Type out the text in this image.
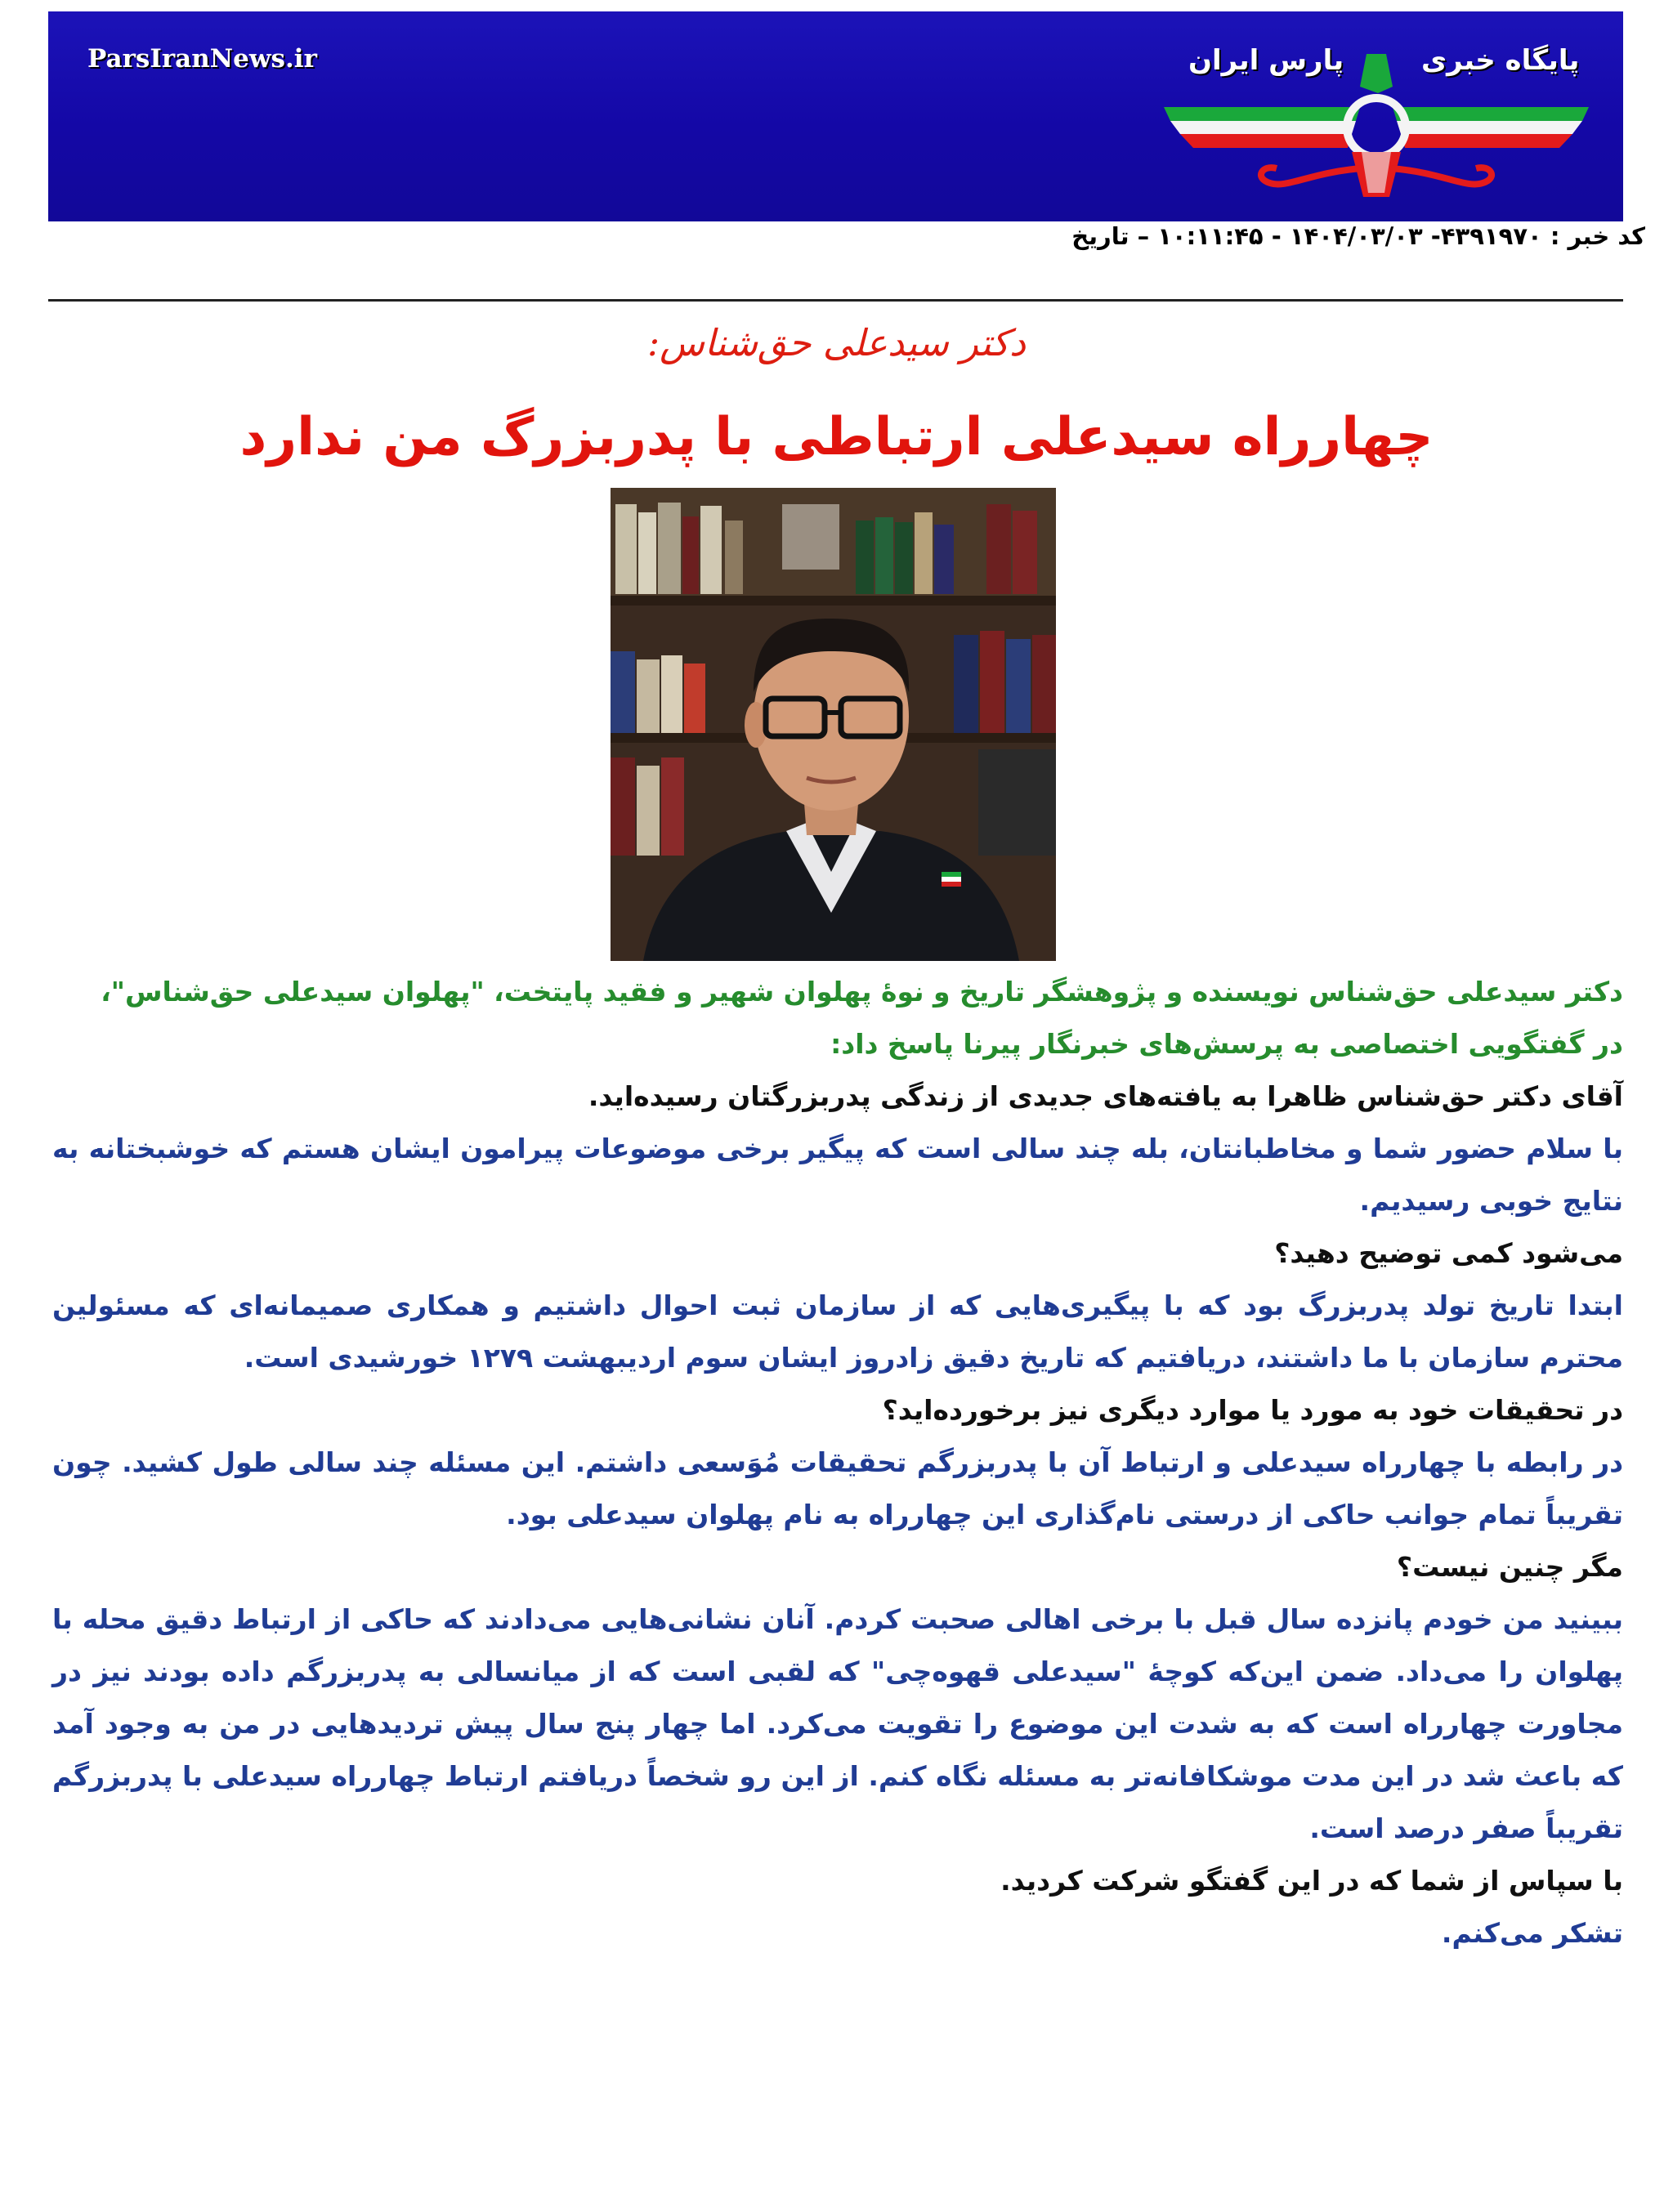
ParsIranNews.ir	پایگاه خبری
پارس ایران
کد خبر : ۴۳۹۱۹۷۰- ۱۴۰۴/۰۳/۰۳ - ۱۰:۱۱:۴۵ – تاریخ
دکتر سیدعلی حق‌شناس:
چهارراه سیدعلی ارتباطی با پدربزرگ من ندارد

دکتر سیدعلی حق‌شناس نویسنده و پژوهشگر تاریخ و نوهٔ پهلوان شهیر و فقید پایتخت، "پهلوان سیدعلی حق‌شناس"،

در گفتگویی اختصاصی به پرسش‌های خبرنگار پیرنا پاسخ داد:

آقای دکتر حق‌شناس ظاهرا به یافته‌های جدیدی از زندگی پدربزرگتان رسیده‌اید.

با سلام حضور شما و مخاطبانتان، بله چند سالی است که پیگیر برخی موضوعات پیرامون ایشان هستم که خوشبختانه به نتایج خوبی رسیدیم.

می‌شود کمی توضیح دهید؟

ابتدا تاریخ تولد پدربزرگ بود که با پیگیری‌هایی که از سازمان ثبت احوال داشتیم و همکاری صمیمانه‌ای که مسئولین محترم سازمان با ما داشتند، دریافتیم که تاریخ دقیق زادروز ایشان سوم اردیبهشت ۱۲۷۹ خورشیدی است.

در تحقیقات خود به مورد یا موارد دیگری نیز برخورده‌اید؟

در رابطه با چهارراه سیدعلی و ارتباط آن با پدربزرگم تحقیقات مُوَسعی داشتم. این مسئله چند سالی طول کشید. چون تقریباً تمام جوانب حاکی از درستی نام‌گذاری این چهارراه به نام پهلوان سیدعلی بود.

مگر چنین نیست؟

ببینید من خودم پانزده سال قبل با برخی اهالی صحبت کردم. آنان نشانی‌هایی می‌دادند که حاکی از ارتباط دقیق محله با پهلوان را می‌داد. ضمن این‌که کوچهٔ "سیدعلی قهوه‌چی" که لقبی است که از میانسالی به پدربزرگم داده بودند نیز در مجاورت چهارراه است که به شدت این موضوع را تقویت می‌کرد. اما چهار پنج سال پیش تردیدهایی در من به وجود آمد که باعث شد در این مدت موشکافانه‌تر به مسئله نگاه کنم. از این رو شخصاً دریافتم ارتباط چهارراه سیدعلی با پدربزرگم تقریباً صفر درصد است.

با سپاس از شما که در این گفتگو شرکت کردید.

تشکر می‌کنم.
